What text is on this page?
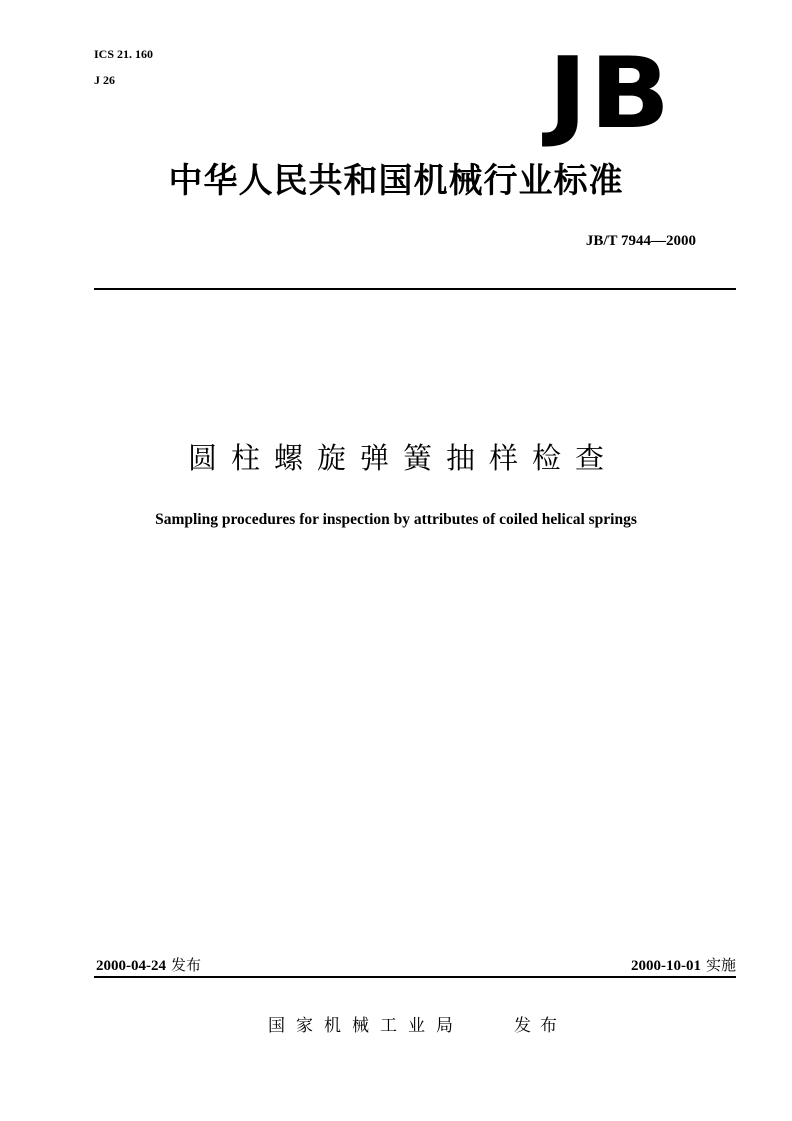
ICS 21. 160
J 26	JB
中华人民共和国机械行业标准
JB/T 7944—2000
圆柱螺旋弹簧抽样检查
Sampling procedures for inspection by attributes of coiled helical springs
2000-04-24 发布	2000-10-01 实施
国家机械工业局	发布
